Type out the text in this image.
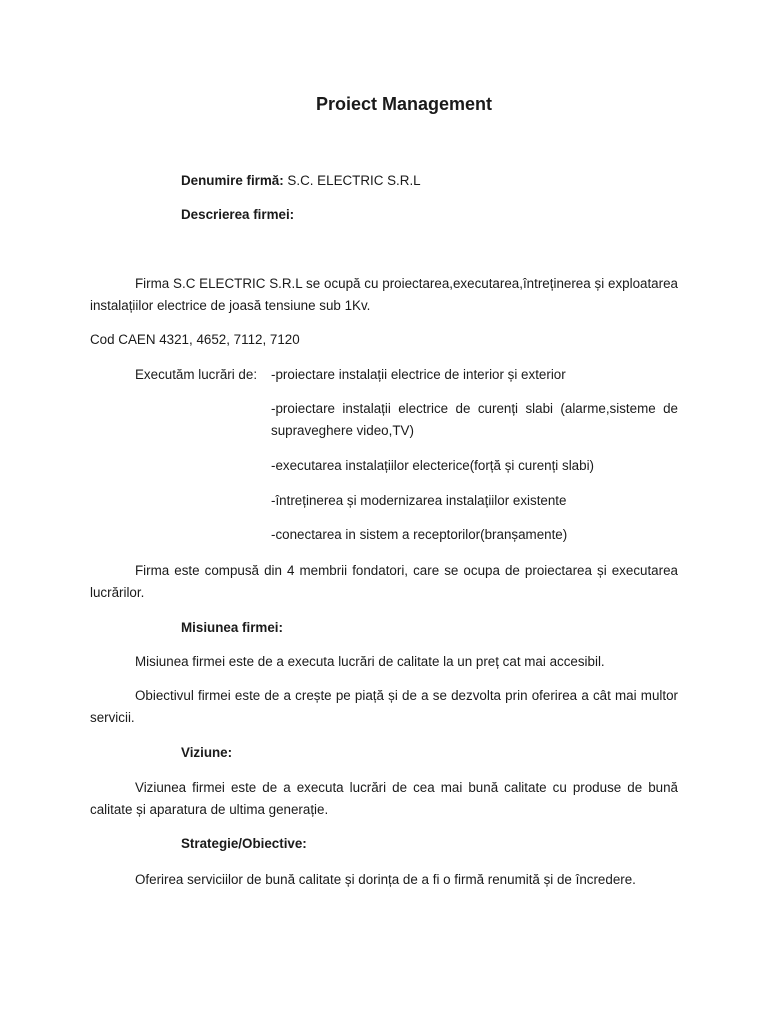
Proiect Management
Denumire firmă: S.C. ELECTRIC S.R.L
Descrierea firmei:
Firma S.C ELECTRIC S.R.L se ocupă cu proiectarea,executarea,întreținerea și exploatarea instalațiilor electrice de joasă tensiune sub 1Kv.
Cod CAEN 4321, 4652, 7112, 7120
Executăm lucrări de: -proiectare instalații electrice de interior și exterior
-proiectare instalații electrice de curenți slabi (alarme,sisteme de supraveghere video,TV)
-executarea instalațiilor electerice(forță și curenți slabi)
-întreținerea și modernizarea instalațiilor existente
-conectarea in sistem a receptorilor(branșamente)
Firma este compusă din 4 membrii fondatori, care se ocupa de proiectarea și executarea lucrărilor.
Misiunea firmei:
Misiunea firmei este de a executa lucrări de calitate la un preț cat mai accesibil.
Obiectivul firmei este de a crește pe piață și de a se dezvolta prin oferirea a cât mai multor servicii.
Viziune:
Viziunea firmei este de a executa lucrări de cea mai bună calitate cu produse de bună calitate și aparatura de ultima generație.
Strategie/Obiective:
Oferirea serviciilor de bună calitate și dorința de a fi o firmă renumită și de încredere.
